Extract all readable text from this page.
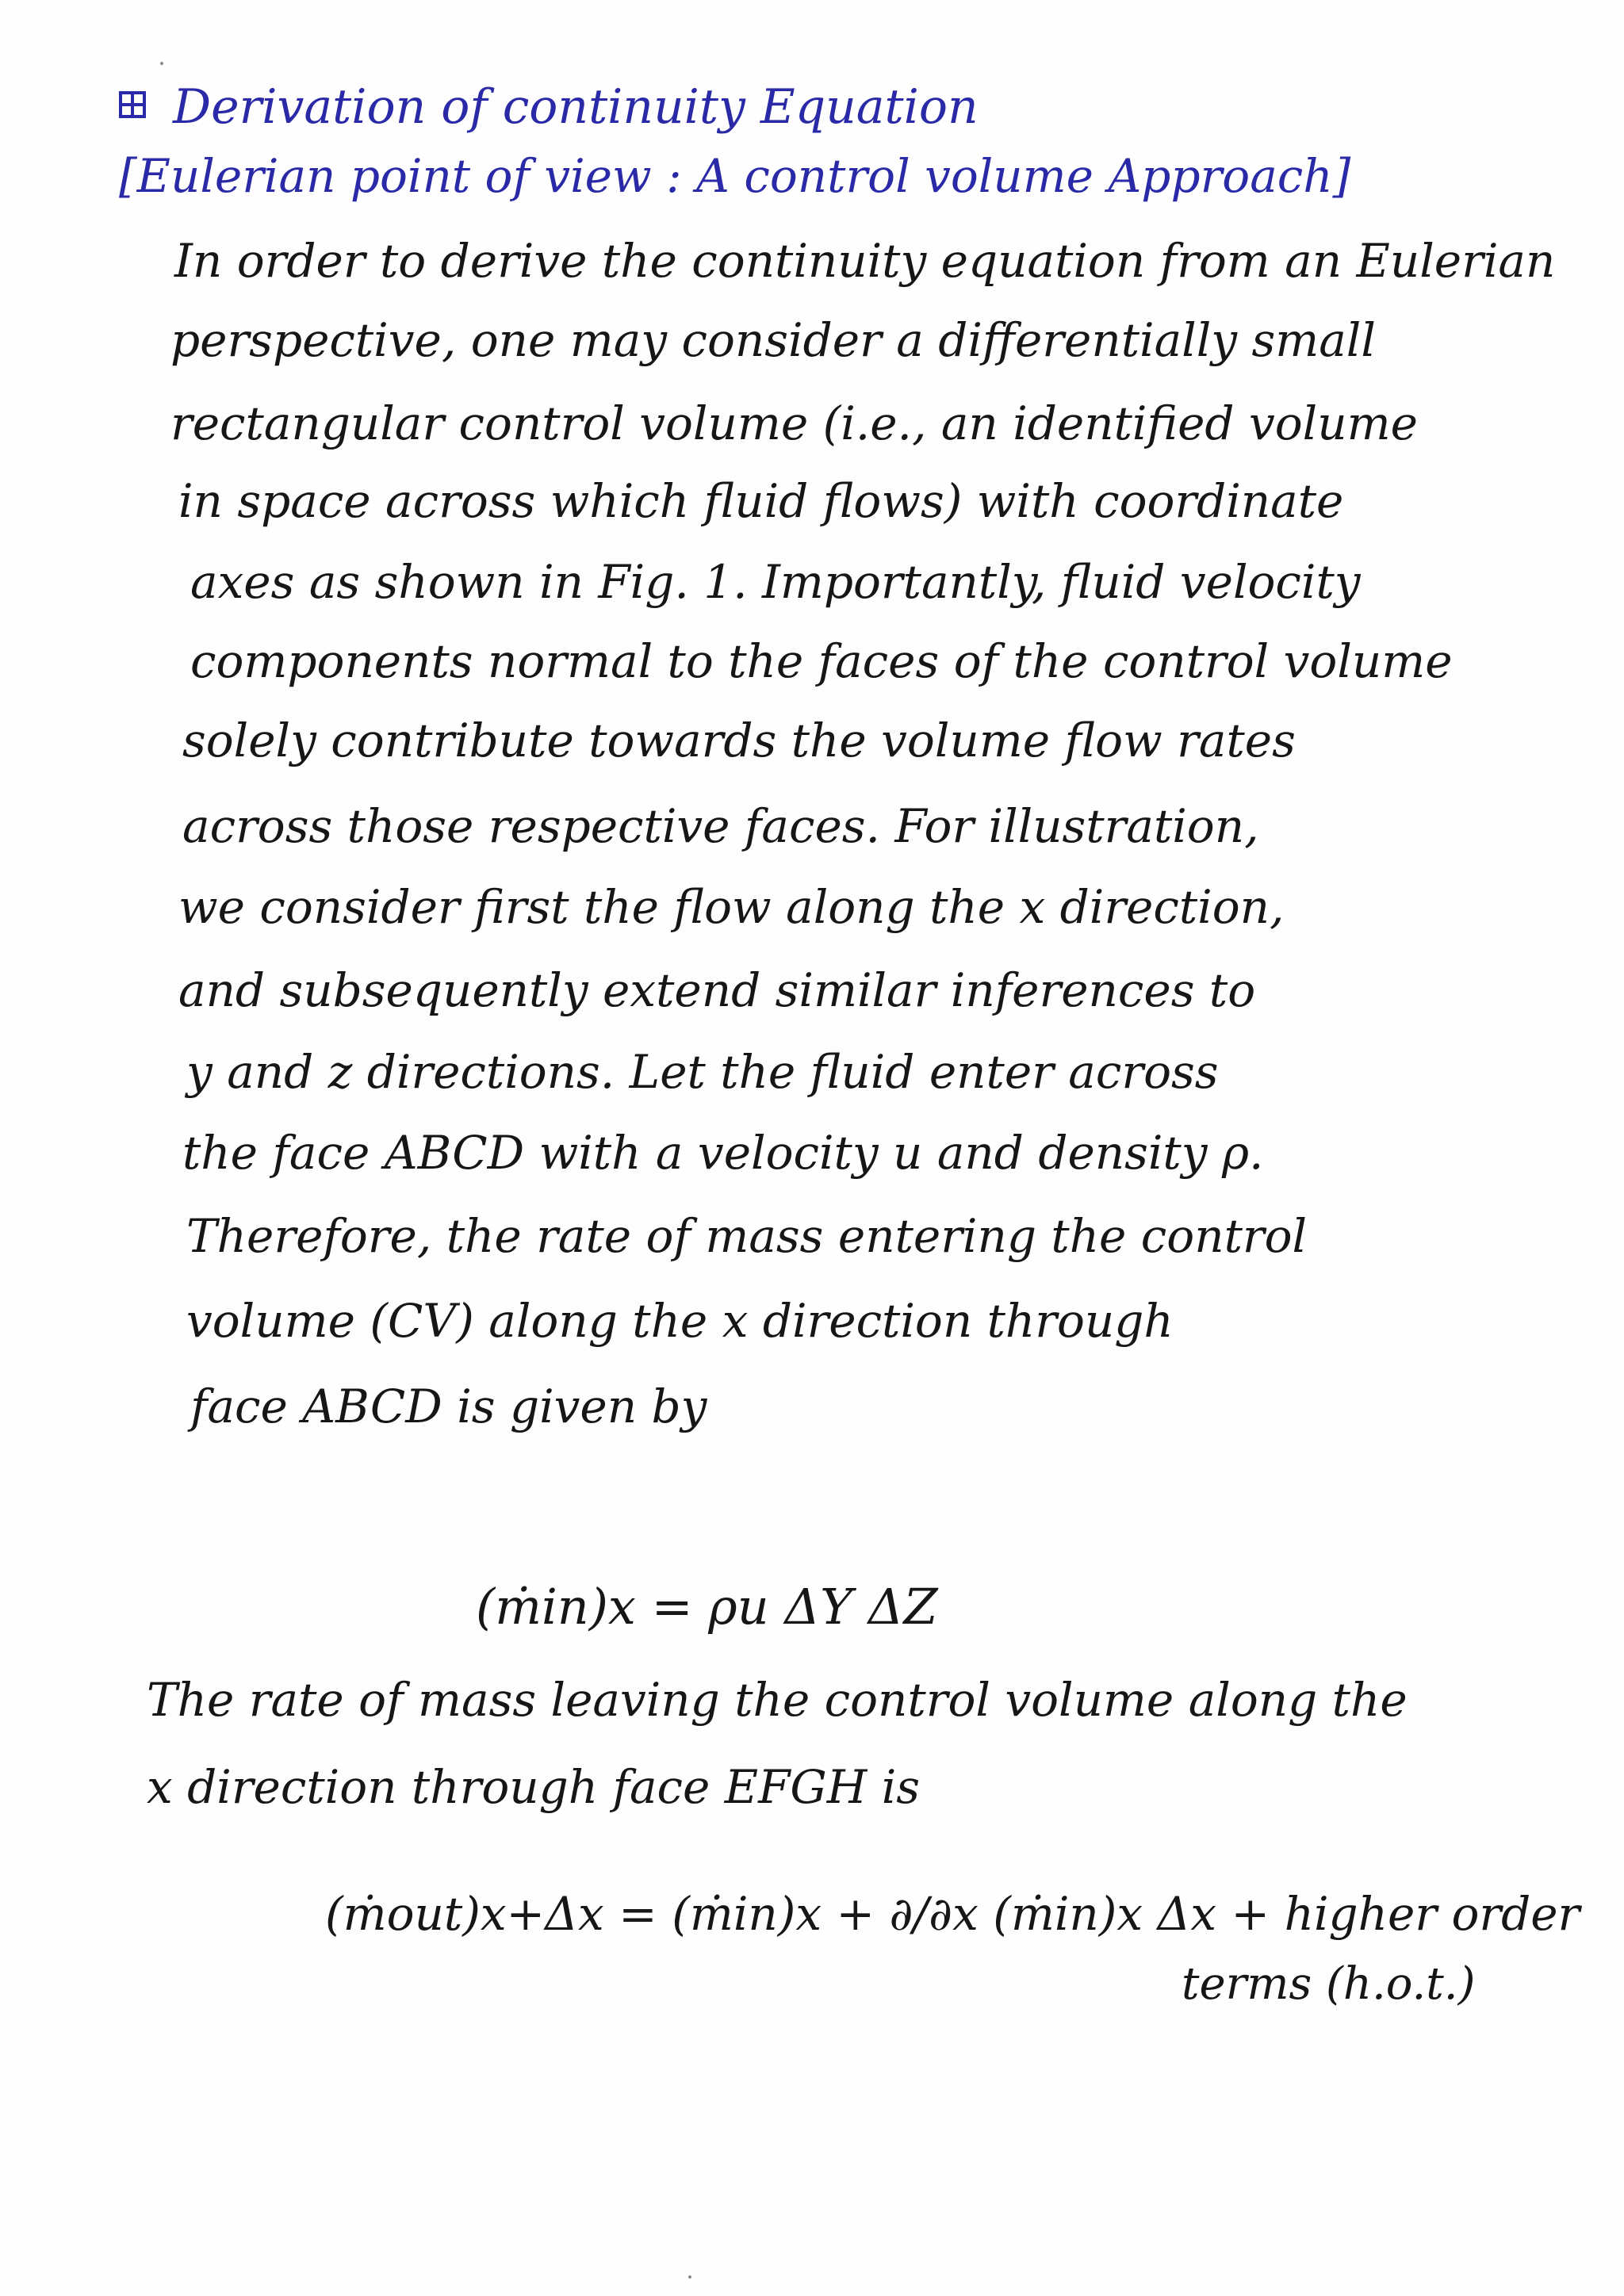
Derivation of continuity Equation
[Eulerian point of view : A control volume Approach]
In order to derive the continuity equation from an Eulerian
perspective, one may consider a differentially small
rectangular control volume (i.e., an identified volume
in space across which fluid flows) with coordinate
axes as shown in Fig. 1. Importantly, fluid velocity
components normal to the faces of the control volume
solely contribute towards the volume flow rates
across those respective faces. For illustration,
we consider first the flow along the x direction,
and subsequently extend similar inferences to
y and z directions. Let the fluid enter across
the face ABCD with a velocity u and density ρ.
Therefore, the rate of mass entering the control
volume (CV) along the x direction through
face ABCD is given by
(ṁin)x = ρu ΔY ΔZ
The rate of mass leaving the control volume along the
x direction through face EFGH is
(ṁout)x+Δx = (ṁin)x + ∂/∂x (ṁin)x Δx + higher order
terms (h.o.t.)
